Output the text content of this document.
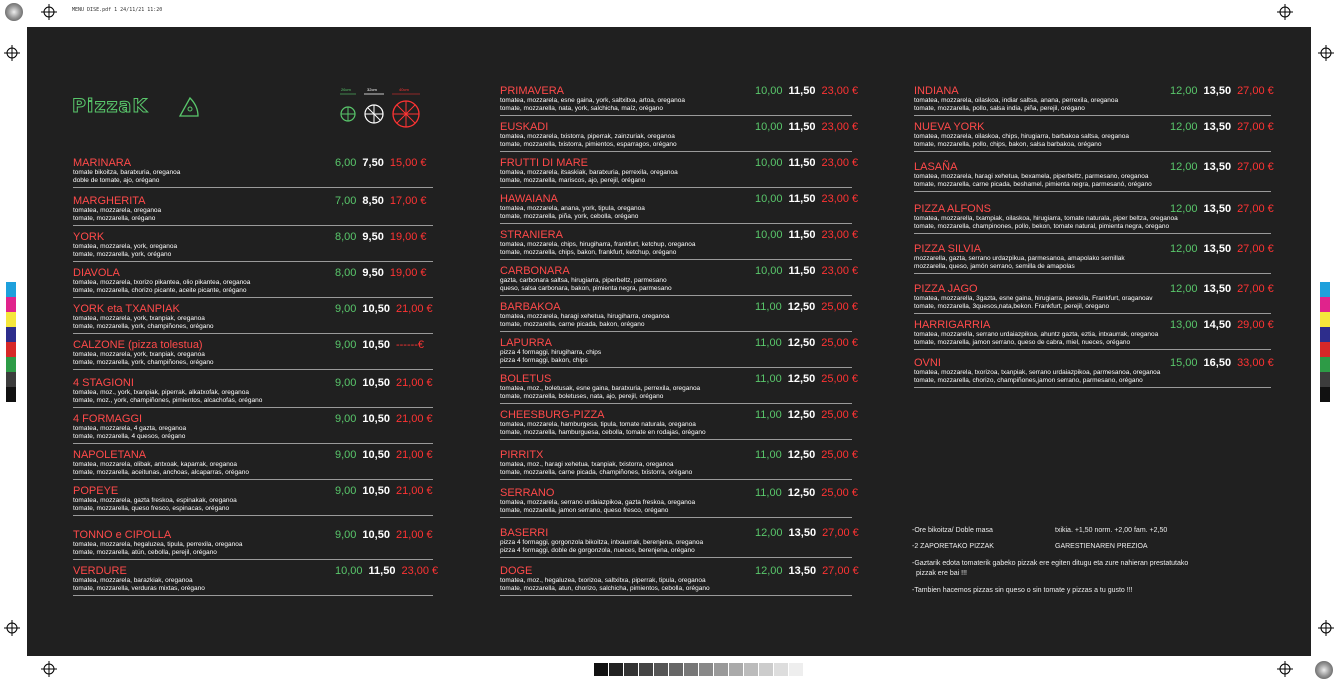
MENU DISE.pdf 1 24/11/21 11:20
PizzaK
26cm	32cm	40cm
MARINARA
tomate bikoitza, baratxuria, oreganoa
doble de tomate, ajo, orégano
6,00 7,50 15,00 €
MARGHERITA
tomatea, mozzarela, oreganoa
tomate, mozzarella, orégano
7,00 8,50 17,00 €
YORK
tomatea, mozzarela, york, oreganoa
tomate, mozzarella, york, orégano
8,00 9,50 19,00 €
DIAVOLA
tomatea, mozzarela, txorizo pikantea, olio pikantea, oreganoa
tomate, mozzarella, chorizo picante, aceite picante, orégano
8,00 9,50 19,00 €
YORK eta TXANPIAK
tomatea, mozzarela, york, txanpiak, oreganoa
tomate, mozzarella, york, champiñones, orégano
9,00 10,50 21,00 €
CALZONE (pizza tolestua)
tomatea, mozzarela, york, txanpiak, oreganoa
tomate, mozzarella, york, champiñones, orégano
9,00 10,50 ------€
4 STAGIONI
tomatea, moz., york, txanpiak, piperrak, alkatxofak, oreganoa
tomate, moz., york, champiñones, pimientos, alcachofas, orégano
9,00 10,50 21,00 €
4 FORMAGGI
tomatea, mozzarela, 4 gazta, oreganoa
tomate, mozzarella, 4 quesos, orégano
9,00 10,50 21,00 €
NAPOLETANA
tomatea, mozzarela, olibak, antxoak, kaparrak, oreganoa
tomate, mozzarella, aceitunas, anchoas, alcaparras, orégano
9,00 10,50 21,00 €
POPEYE
tomatea, mozzarela, gazta freskoa, espinakak, oreganoa
tomate, mozzarella, queso fresco, espinacas, orégano
9,00 10,50 21,00 €
TONNO e CIPOLLA
tomatea, mozzarela, hegaluzea, tipula, perrexila, oreganoa
tomate, mozzarella, atún, cebolla, perejil, orégano
9,00 10,50 21,00 €
VERDURE
tomatea, mozzarela, barazkiak, oreganoa
tomate, mozzarella, verduras mixtas, orégano
10,00 11,50 23,00 €
PRIMAVERA
tomatea, mozzarela, esne gaina, york, saltxitxa, artoa, oreganoa
tomate, mozzarella, nata, york, salchicha, maíz, orégano
10,00 11,50 23,00 €
EUSKADI
tomatea, mozzarela, txistorra, piperrak, zainzuriak, oreganoa
tomate, mozzarella, txistorra, pimientos, esparragos, orégano
10,00 11,50 23,00 €
FRUTTI DI MARE
tomatea, mozzarela, itsaskiak, baratxuria, perrexila, oreganoa
tomate, mozzarella, mariscos, ajo, perejil, orégano
10,00 11,50 23,00 €
HAWAIANA
tomatea, mozzarela, anana, york, tipula, oreganoa
tomate, mozzarella, piña, york, cebolla, orégano
10,00 11,50 23,00 €
STRANIERA
tomatea, mozzarela, chips, hirugiharra, frankfurt, ketchup, oreganoa
tomate, mozzarella, chips, bakon, frankfurt, ketchup, orégano
10,00 11,50 23,00 €
CARBONARA
gazta, carbonara saltsa, hirugiarra, piperbeltz, parmesano
queso, salsa carbonara, bakon, pimienta negra, parmesano
10,00 11,50 23,00 €
BARBAKOA
tomatea, mozzarela, haragi xehetua, hirugiharra, oreganoa
tomate, mozzarella, carne picada, bakon, orégano
11,00 12,50 25,00 €
LAPURRA
pizza 4 formaggi, hirugiharra, chips
pizza 4 formaggi, bakon, chips
11,00 12,50 25,00 €
BOLETUS
tomatea, moz., boletusak, esne gaina, baratxuria, perrexila, oreganoa
tomate, mozzarella, boletuses, nata, ajo, perejil, orégano
11,00 12,50 25,00 €
CHEESBURG-PIZZA
tomatea, mozzarela, hamburgesa, tipula, tomate naturala, oreganoa
tomate, mozzarella, hamburguesa, cebolla, tomate en rodajas, orégano
11,00 12,50 25,00 €
PIRRITX
tomatea, moz., haragi xehetua, txanpiak, txistorra, oreganoa
tomate, mozzarella, carne picada, champiñones, txistorra, orégano
11,00 12,50 25,00 €
SERRANO
tomatea, mozzarela, serrano urdaiazpikoa, gazta freskoa, oreganoa
tomate, mozzarella, jamon serrano, queso fresco, orégano
11,00 12,50 25,00 €
BASERRI
pizza 4 formaggi, gorgonzola bikoitza, intxaurrak, berenjena, oreganoa
pizza 4 formaggi, doble de gorgonzola, nueces, berenjena, orégano
12,00 13,50 27,00 €
DOGE
tomatea, moz., hegaluzea, txorizoa, saltxitxa, piperrak, tipula, oreganoa
tomate, mozzarella, atun, chorizo, salchicha, pimientos, cebolla, orégano
12,00 13,50 27,00 €
INDIANA
tomatea, mozzarela, oilaskoa, indiar saltsa, anana, perrexila, oreganoa
tomate, mozzarella, pollo, salsa india, piña, perejil, orégano
12,00 13,50 27,00 €
NUEVA YORK
tomatea, mozzarela, oilaskoa, chips, hirugiarra, barbakoa saltsa, oreganoa
tomate, mozzarella, pollo, chips, bakon, salsa barbakoa, orégano
12,00 13,50 27,00 €
LASAÑA
tomatea, mozzarela, haragi xehetua, bexamela, piperbeltz, parmesano, oreganoa
tomate, mozzarella, carne picada, beshamel, pimienta negra, parmesanó, orégano
12,00 13,50 27,00 €
PIZZA ALFONS
tomatea, mozzarella, txampiak, oilaskoa, hirugiarra, tomate naturala, piper beltza, oreganoa
tomate, mozzarella, champinones, pollo, bekon, tomate natural, pimienta negra, oregano
12,00 13,50 27,00 €
PIZZA SILVIA
mozzarella, gazta, serrano urdazpikua, parmesanoa, amapolako semillak
mozzarella, queso, jamón serrano, semilla de amapolas
12,00 13,50 27,00 €
PIZZA JAGO
tomatea, mozzarella, 3gazta, esne gaina, hirugiarra, perexila, Frankfurt, oraganoav
tomate, mozzarella, 3quesos,nata,bekon. Frankfurt, perejil, oregano
12,00 13,50 27,00 €
HARRIGARRIA
tomatea, mozzarella, serrano urdaiazpikoa, ahuntz gazta, eztia, intxaurrak, oreganoa
tomate, mozzarella, jamon serrano, queso de cabra, miel, nueces, orégano
13,00 14,50 29,00 €
OVNI
tomatea, mozzarela, txorizoa, txanpiak, serrano urdaiazpikoa, parmesanoa, oreganoa
tomate, mozzarella, chorizo, champiñones,jamon serrano, parmesano, orégano
15,00 16,50 33,00 €
-Ore bikoitza/ Doble masa	txikia. +1,50 norm. +2,00 fam. +2,50
-2 ZAPORETAKO PIZZAK	GARESTIENAREN PREZIOA
-Gaztarik edota tomaterik gabeko pizzak ere egiten ditugu eta zure nahieran prestatutako
pizzak ere bai !!!
-Tambien hacemos pizzas sin queso o sin tomate y pizzas a tu gusto !!!
